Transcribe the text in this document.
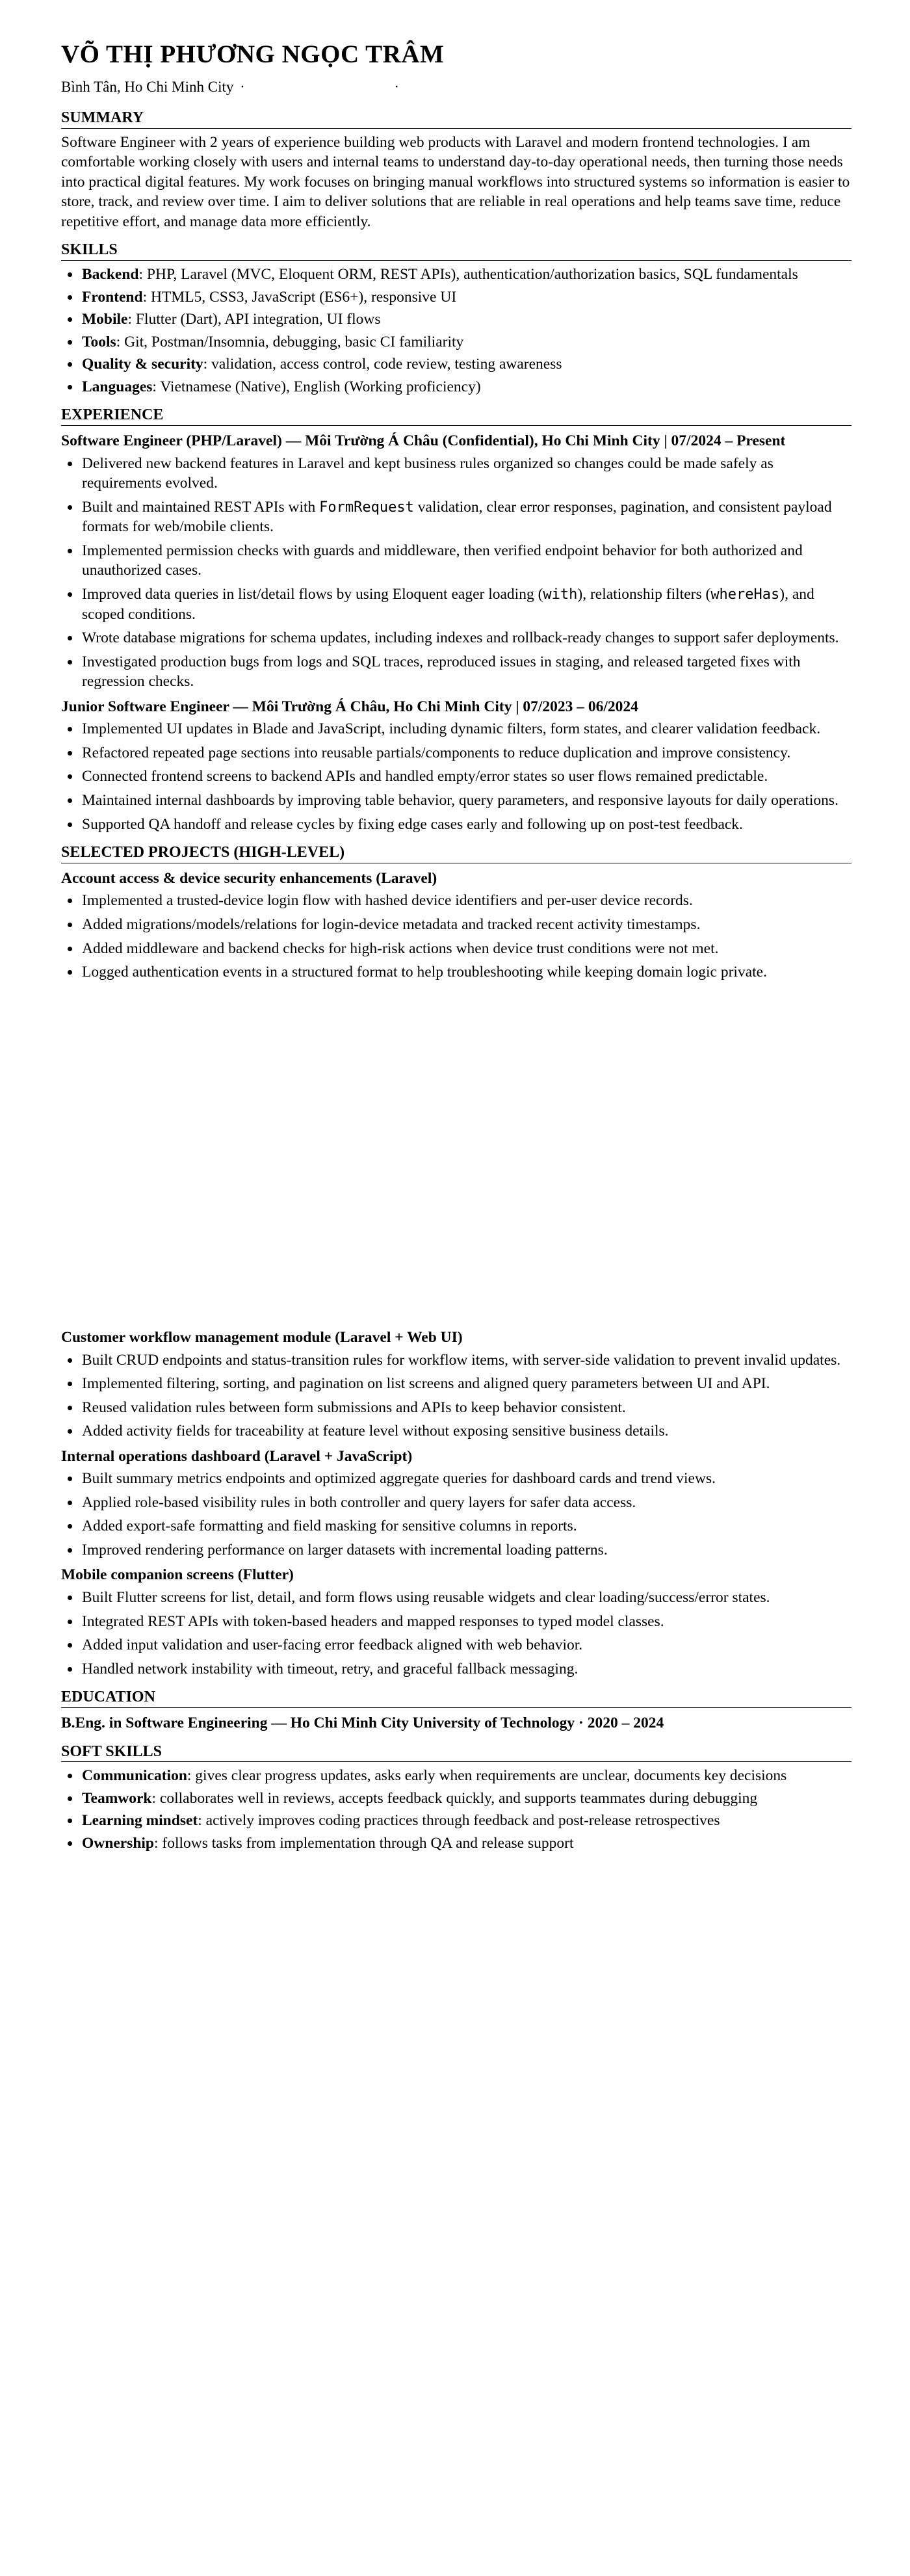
VÕ THỊ PHƯƠNG NGỌC TRÂM
Bình Tân, Ho Chi Minh City ·	·
SUMMARY

Software Engineer with 2 years of experience building web products with Laravel and modern frontend technologies. I am comfortable working closely with users and internal teams to understand day-to-day operational needs, then turning those needs into practical digital features. My work focuses on bringing manual workflows into structured systems so information is easier to store, track, and review over time. I aim to deliver solutions that are reliable in real operations and help teams save time, reduce repetitive effort, and manage data more efficiently.

SKILLS
• Backend: PHP, Laravel (MVC, Eloquent ORM, REST APIs), authentication/authorization basics, SQL fundamentals
• Frontend: HTML5, CSS3, JavaScript (ES6+), responsive UI
• Mobile: Flutter (Dart), API integration, UI flows
• Tools: Git, Postman/Insomnia, debugging, basic CI familiarity
• Quality & security: validation, access control, code review, testing awareness
• Languages: Vietnamese (Native), English (Working proficiency)
EXPERIENCE
Software Engineer (PHP/Laravel) — Môi Trường Á Châu (Confidential), Ho Chi Minh City | 07/2024 – Present
• Delivered new backend features in Laravel and kept business rules organized so changes could be made safely as requirements evolved.
• Built and maintained REST APIs with FormRequest validation, clear error responses, pagination, and consistent payload formats for web/mobile clients.
• Implemented permission checks with guards and middleware, then verified endpoint behavior for both authorized and unauthorized cases.
• Improved data queries in list/detail flows by using Eloquent eager loading (with), relationship filters (whereHas), and scoped conditions.
• Wrote database migrations for schema updates, including indexes and rollback-ready changes to support safer deployments.
• Investigated production bugs from logs and SQL traces, reproduced issues in staging, and released targeted fixes with regression checks.
Junior Software Engineer — Môi Trường Á Châu, Ho Chi Minh City | 07/2023 – 06/2024
• Implemented UI updates in Blade and JavaScript, including dynamic filters, form states, and clearer validation feedback.
• Refactored repeated page sections into reusable partials/components to reduce duplication and improve consistency.
• Connected frontend screens to backend APIs and handled empty/error states so user flows remained predictable.
• Maintained internal dashboards by improving table behavior, query parameters, and responsive layouts for daily operations.
• Supported QA handoff and release cycles by fixing edge cases early and following up on post-test feedback.
SELECTED PROJECTS (HIGH-LEVEL)
Account access & device security enhancements (Laravel)
• Implemented a trusted-device login flow with hashed device identifiers and per-user device records.
• Added migrations/models/relations for login-device metadata and tracked recent activity timestamps.
• Added middleware and backend checks for high-risk actions when device trust conditions were not met.
• Logged authentication events in a structured format to help troubleshooting while keeping domain logic private.
Customer workflow management module (Laravel + Web UI)
• Built CRUD endpoints and status-transition rules for workflow items, with server-side validation to prevent invalid updates.
• Implemented filtering, sorting, and pagination on list screens and aligned query parameters between UI and API.
• Reused validation rules between form submissions and APIs to keep behavior consistent.
• Added activity fields for traceability at feature level without exposing sensitive business details.
Internal operations dashboard (Laravel + JavaScript)
• Built summary metrics endpoints and optimized aggregate queries for dashboard cards and trend views.
• Applied role-based visibility rules in both controller and query layers for safer data access.
• Added export-safe formatting and field masking for sensitive columns in reports.
• Improved rendering performance on larger datasets with incremental loading patterns.
Mobile companion screens (Flutter)
• Built Flutter screens for list, detail, and form flows using reusable widgets and clear loading/success/error states.
• Integrated REST APIs with token-based headers and mapped responses to typed model classes.
• Added input validation and user-facing error feedback aligned with web behavior.
• Handled network instability with timeout, retry, and graceful fallback messaging.
EDUCATION
B.Eng. in Software Engineering — Ho Chi Minh City University of Technology · 2020 – 2024
SOFT SKILLS
• Communication: gives clear progress updates, asks early when requirements are unclear, documents key decisions
• Teamwork: collaborates well in reviews, accepts feedback quickly, and supports teammates during debugging
• Learning mindset: actively improves coding practices through feedback and post-release retrospectives
• Ownership: follows tasks from implementation through QA and release support
